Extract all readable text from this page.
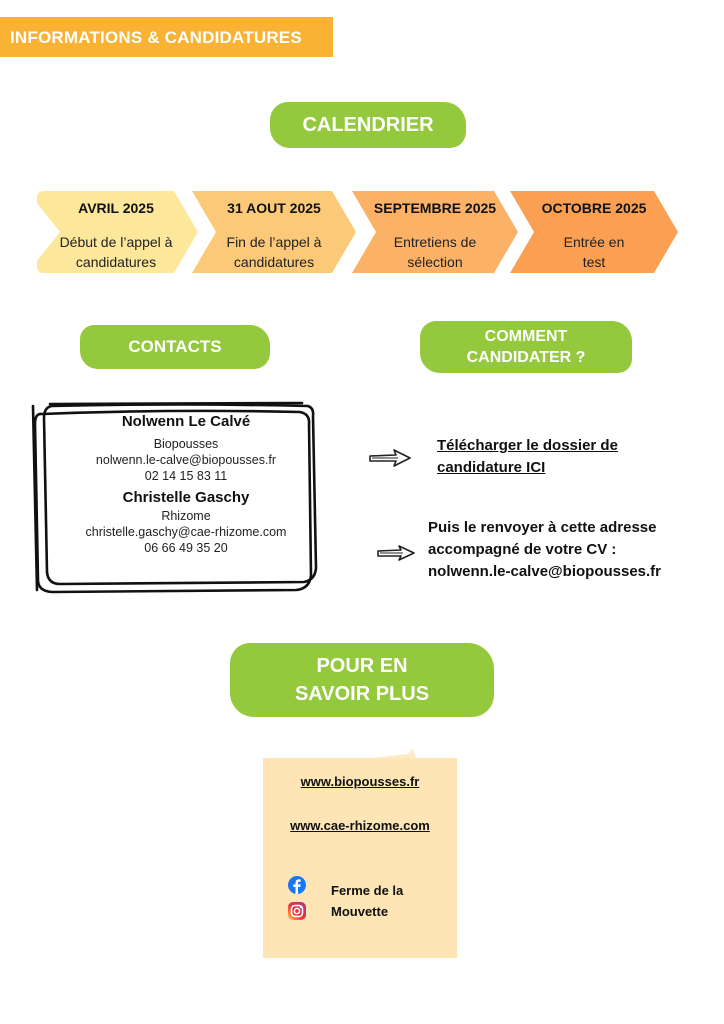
INFORMATIONS & CANDIDATURES
CALENDRIER
AVRIL 2025
Début de l’appel à
candidatures
31 AOUT 2025
Fin de l’appel à
candidatures
SEPTEMBRE 2025
Entretiens de
sélection
OCTOBRE 2025
Entrée en
test
CONTACTS
Nolwenn Le Calvé
Biopousses
nolwenn.le-calve@biopousses.fr
02 14 15 83 11
Christelle Gaschy
Rhizome
christelle.gaschy@cae-rhizome.com
06 66 49 35 20
COMMENT
CANDIDATER ?
Télécharger le dossier de
candidature ICI
Puis le renvoyer à cette adresse
accompagné de votre CV :
nolwenn.le-calve@biopousses.fr
POUR EN
SAVOIR PLUS
www.biopousses.fr
www.cae-rhizome.com
Ferme de la
Mouvette
